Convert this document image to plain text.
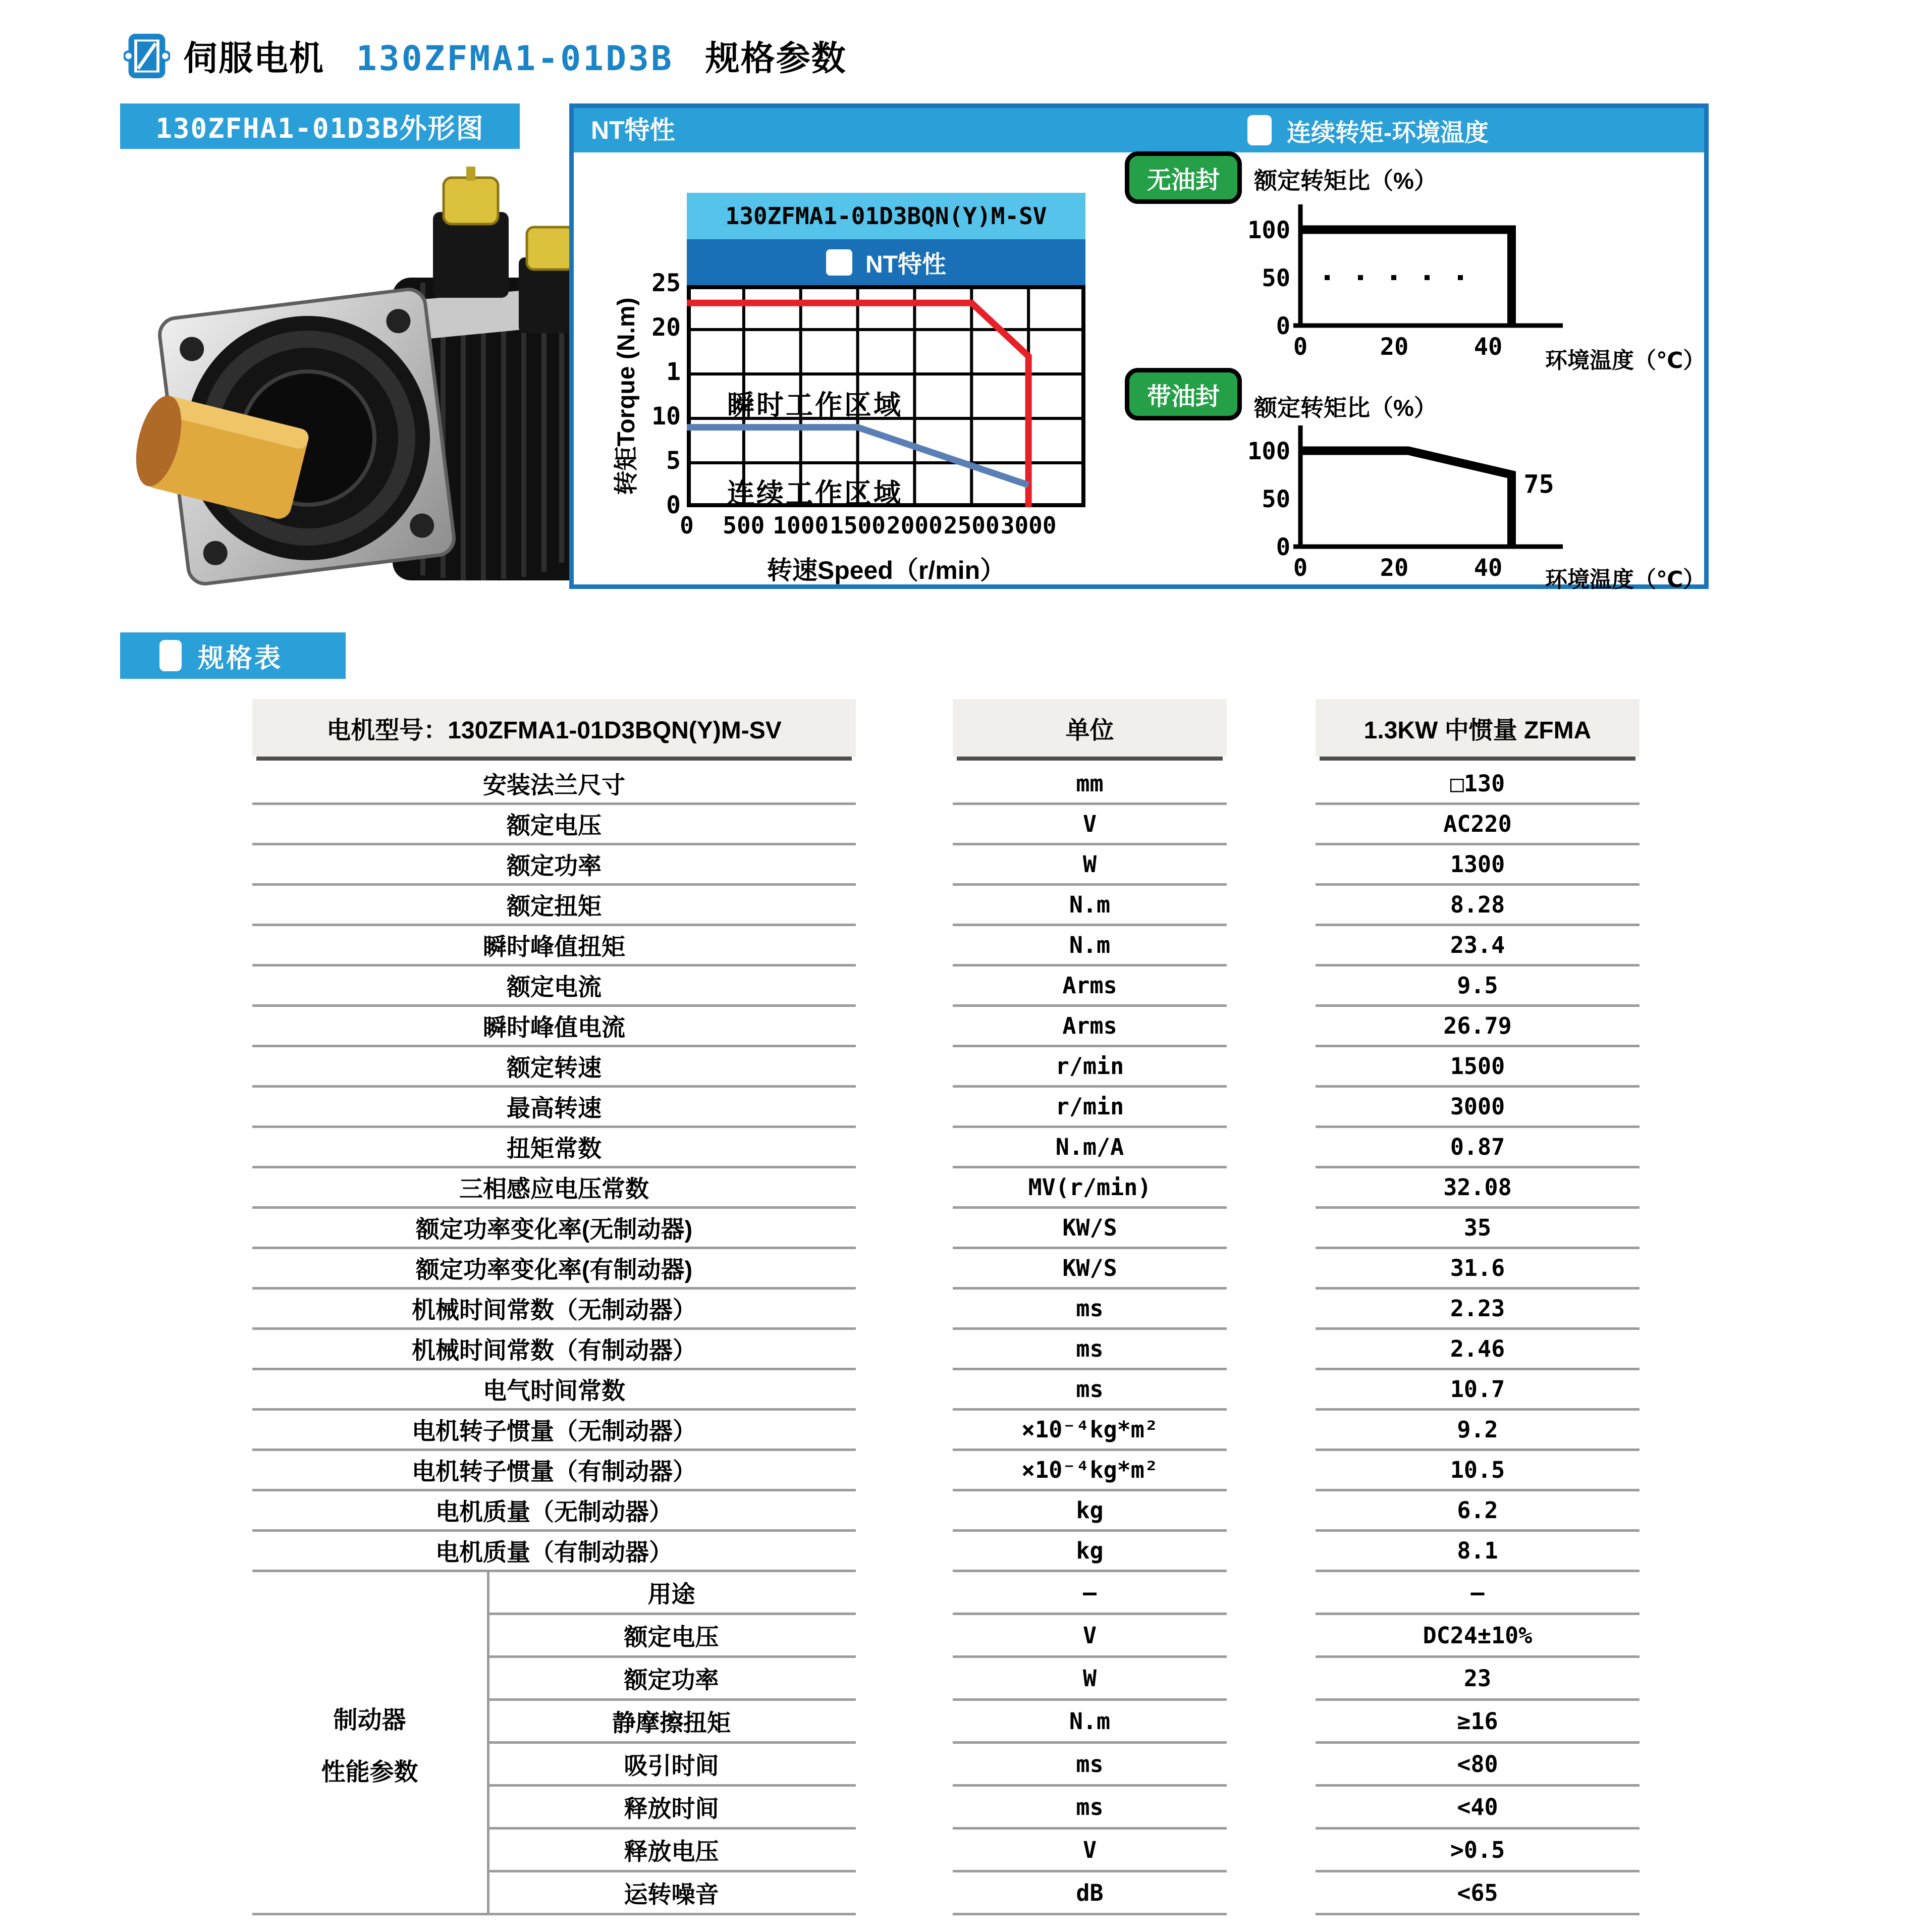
伺服电机 130ZFMA1-01D3B 规格参数
130ZFHA1-01D3B外形图	NT特性	连续转矩-环境温度
130ZFMA1-01D3BQN(Y)M-SV
NT特性
瞬时工作区域
连续工作区域
转速Speed（r/min）
转矩Torque (N.m)
无油封
带油封
额定转矩比（%）
0	20	40
0
50
100
环境温度（℃）
额定转矩比（%）
0	20	40
0
50
100
75
环境温度（℃）
25
20
1
10
5
0
0	500 1000 1500 2000 2500 3000
规格表
电机型号：130ZFMA1-01D3BQN(Y)M-SV	单位	1.3KW 中惯量 ZFMA
安装法兰尺寸	mm	□130
额定电压	V	AC220
额定功率	W	1300
额定扭矩	N.m	8.28
瞬时峰值扭矩	N.m	23.4
额定电流	Arms	9.5
瞬时峰值电流	Arms	26.79
额定转速	r/min	1500
最高转速	r/min	3000
扭矩常数	N.m/A	0.87
三相感应电压常数	MV(r/min)	32.08
额定功率变化率(无制动器)	KW/S	35
额定功率变化率(有制动器)	KW/S	31.6
机械时间常数（无制动器）	ms	2.23
机械时间常数（有制动器）	ms	2.46
电气时间常数	ms	10.7
电机转子惯量（无制动器）	×10⁻⁴kg*m²	9.2
电机转子惯量（有制动器）	×10⁻⁴kg*m²	10.5
电机质量（无制动器）	kg	6.2
电机质量（有制动器）	kg	8.1
用途	—	—
额定电压	V	DC24±10%
额定功率	W	23
静摩擦扭矩	N.m	≥16
吸引时间	ms	<80
释放时间	ms	<40
释放电压	V	>0.5
运转噪音	dB	<65
制动器
性能参数
